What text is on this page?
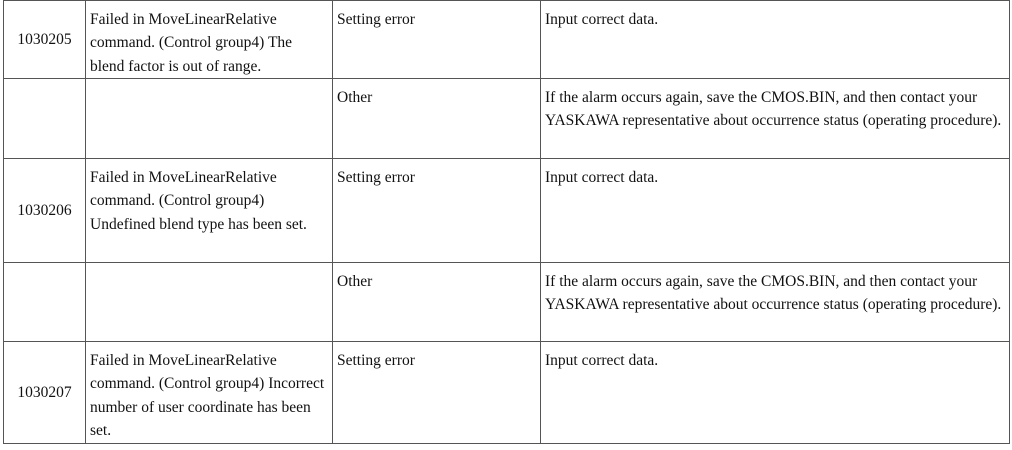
1030205	Failed in MoveLinearRelative command. (Control group4) The blend factor is out of range.	Setting error	Input correct data.
		Other	If the alarm occurs again, save the CMOS.BIN, and then contact your YASKAWA representative about occurrence status (operating procedure).
1030206	Failed in MoveLinearRelative command. (Control group4) Undefined blend type has been set.	Setting error	Input correct data.
		Other	If the alarm occurs again, save the CMOS.BIN, and then contact your YASKAWA representative about occurrence status (operating procedure).
1030207	Failed in MoveLinearRelative command. (Control group4) Incorrect number of user coordinate has been set.	Setting error	Input correct data.
